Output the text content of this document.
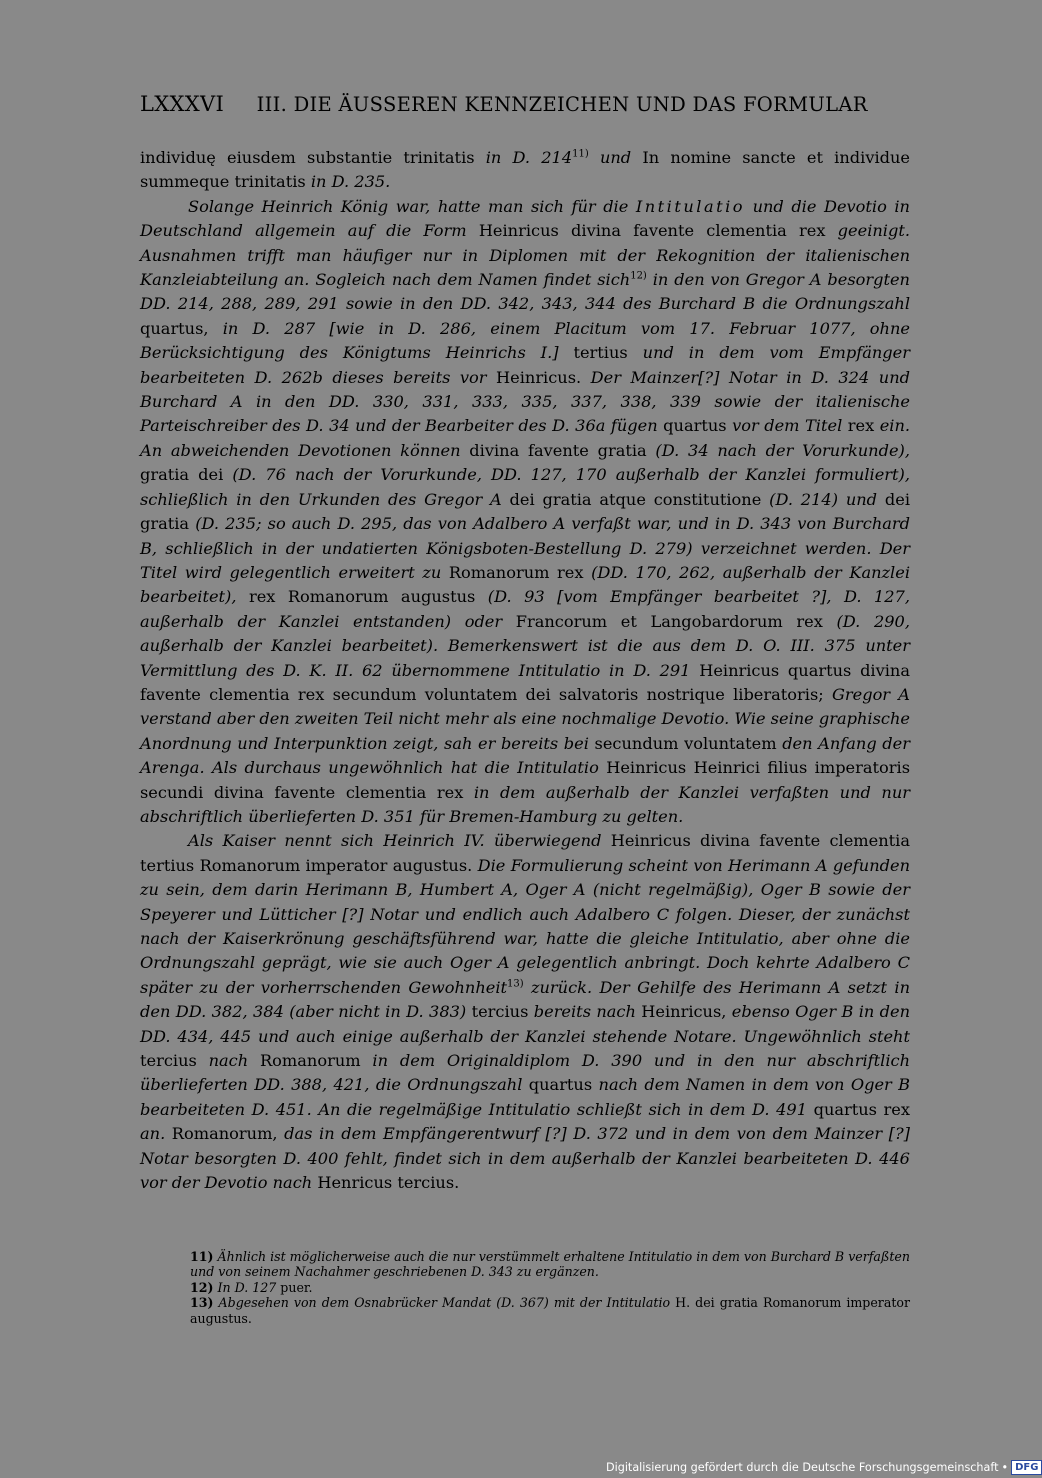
LXXXVI III. DIE ÄUSSEREN KENNZEICHEN UND DAS FORMULAR

individuę eiusdem substantie trinitatis in D. 214$^{11)}$ und In nomine sancte et individue summeque trinitatis in D. 235.

Solange Heinrich König war, hatte man sich für die Intitulatio und die Devotio in Deutschland allgemein auf die Form Heinricus divina favente clementia rex geeinigt. Ausnahmen trifft man häufiger nur in Diplomen mit der Rekognition der italienischen Kanzleiabteilung an. Sogleich nach dem Namen findet sich$^{12)}$ in den von Gregor A besorgten DD. 214, 288, 289, 291 sowie in den DD. 342, 343, 344 des Burchard B die Ordnungszahl quartus, in D. 287 [wie in D. 286, einem Placitum vom 17. Februar 1077, ohne Berücksichtigung des Königtums Heinrichs I.] tertius und in dem vom Empfänger bearbeiteten D. 262b dieses bereits vor Heinricus. Der Mainzer[?] Notar in D. 324 und Burchard A in den DD. 330, 331, 333, 335, 337, 338, 339 sowie der italienische Parteischreiber des D. 34 und der Bearbeiter des D. 36a fügen quartus vor dem Titel rex ein. An abweichenden Devotionen können divina favente gratia (D. 34 nach der Vorurkunde), gratia dei (D. 76 nach der Vorurkunde, DD. 127, 170 außerhalb der Kanzlei formuliert), schließlich in den Urkunden des Gregor A dei gratia atque constitutione (D. 214) und dei gratia (D. 235; so auch D. 295, das von Adalbero A verfaßt war, und in D. 343 von Burchard B, schließlich in der undatierten Königsboten-Bestellung D. 279) verzeichnet werden. Der Titel wird gelegentlich erweitert zu Romanorum rex (DD. 170, 262, außerhalb der Kanzlei bearbeitet), rex Romanorum augustus (D. 93 [vom Empfänger bearbeitet ?], D. 127, außerhalb der Kanzlei entstanden) oder Francorum et Langobardorum rex (D. 290, außerhalb der Kanzlei bearbeitet). Bemerkenswert ist die aus dem D. O. III. 375 unter Vermittlung des D. K. II. 62 übernommene Intitulatio in D. 291 Heinricus quartus divina favente clementia rex secundum voluntatem dei salvatoris nostrique liberatoris; Gregor A verstand aber den zweiten Teil nicht mehr als eine nochmalige Devotio. Wie seine graphische Anordnung und Interpunktion zeigt, sah er bereits bei secundum voluntatem den Anfang der Arenga. Als durchaus ungewöhnlich hat die Intitulatio Heinricus Heinrici filius imperatoris secundi divina favente clementia rex in dem außerhalb der Kanzlei verfaßten und nur abschriftlich überlieferten D. 351 für Bremen-Hamburg zu gelten.

Als Kaiser nennt sich Heinrich IV. überwiegend Heinricus divina favente clementia tertius Romanorum imperator augustus. Die Formulierung scheint von Herimann A gefunden zu sein, dem darin Herimann B, Humbert A, Oger A (nicht regelmäßig), Oger B sowie der Speyerer und Lütticher [?] Notar und endlich auch Adalbero C folgen. Dieser, der zunächst nach der Kaiserkrönung geschäftsführend war, hatte die gleiche Intitulatio, aber ohne die Ordnungszahl geprägt, wie sie auch Oger A gelegentlich anbringt. Doch kehrte Adalbero C später zu der vorherrschenden Gewohnheit$^{13)}$ zurück. Der Gehilfe des Herimann A setzt in den DD. 382, 384 (aber nicht in D. 383) tercius bereits nach Heinricus, ebenso Oger B in den DD. 434, 445 und auch einige außerhalb der Kanzlei stehende Notare. Ungewöhnlich steht tercius nach Romanorum in dem Originaldiplom D. 390 und in den nur abschriftlich überlieferten DD. 388, 421, die Ordnungszahl quartus nach dem Namen in dem von Oger B bearbeiteten D. 451. An die regelmäßige Intitulatio schließt sich in dem D. 491 quartus rex an. Romanorum, das in dem Empfängerentwurf [?] D. 372 und in dem von dem Mainzer [?] Notar besorgten D. 400 fehlt, findet sich in dem außerhalb der Kanzlei bearbeiteten D. 446 vor der Devotio nach Henricus tercius.

11) Ähnlich ist möglicherweise auch die nur verstümmelt erhaltene Intitulatio in dem von Burchard B verfaßten und von seinem Nachahmer geschriebenen D. 343 zu ergänzen.

12) In D. 127 puer.

13) Abgesehen von dem Osnabrücker Mandat (D. 367) mit der Intitulatio H. dei gratia Romanorum imperator augustus.

Digitalisierung gefördert durch die Deutsche Forschungsgemeinschaft • DFG
